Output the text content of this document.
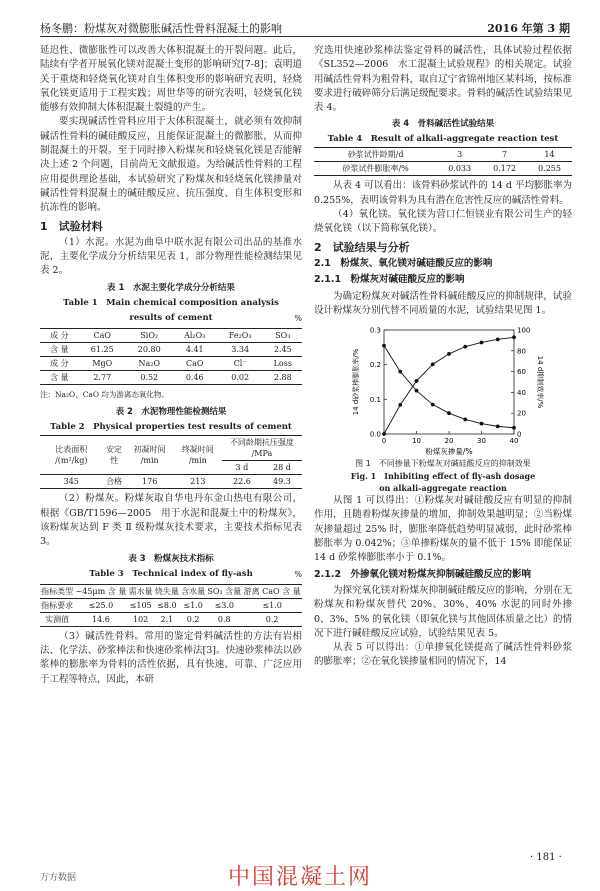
杨冬鹏：粉煤灰对微膨胀碱活性骨料混凝土的影响	2016 年第 3 期

延迟性、微膨胀性可以改善大体积混凝土的开裂问题。此后，陆续有学者开展氧化镁对混凝土变形的影响研究[7-8]；袁明道关于重烧和轻烧氧化镁对自生体积变形的影响研究表明，轻烧氧化镁更适用于工程实践；周世华等的研究表明，轻烧氧化镁能够有效抑制大体积混凝土裂缝的产生。

要实现碱活性骨料应用于大体积混凝土，就必须有效抑制碱活性骨料的碱硅酸反应，且能保证混凝土的微膨胀，从而抑制混凝土的开裂。至于同时掺入粉煤灰和轻烧氧化镁是否能解决上述 2 个问题，目前尚无文献报道。为给碱活性骨料的工程应用提供理论基础，本试验研究了粉煤灰和轻烧氧化镁掺量对碱活性骨料混凝土的碱硅酸反应、抗压强度、自生体积变形和抗冻性的影响。

1　试验材料

（1）水泥。水泥为曲阜中联水泥有限公司出品的基准水泥，主要化学成分分析结果见表 1，部分物理性能检测结果见表 2。

表 1　水泥主要化学成分分析结果
Table 1　Main chemical composition analysis
results of cement	%
成 分	CaO	SiO₂	Al₂O₃	Fe₂O₃	SO₃
含 量	61.25	20.80	4.41	3.34	2.45
成 分	MgO	Na₂O	CaO	Cl⁻	Loss
含 量	2.77	0.52	0.46	0.02	2.88
注：Na₂O、CaO 均为游离态氧化物。
表 2　水泥物理性能检测结果
Table 2　Physical properties test results of cement
比表面积 /(m²/kg)	安定性	初凝时间 /min	终凝时间 /min	不同龄期抗压强度 /MPa	
				3 d	28 d
345	合格	176	213	22.6	49.3

（2）粉煤灰。粉煤灰取自华电丹东金山热电有限公司，根据《GB/T1596—2005　用于水泥和混凝土中的粉煤灰》，该粉煤灰达到 F 类 Ⅱ 级粉煤灰技术要求，主要技术指标见表 3。

表 3　粉煤灰技术指标
Table 3　Technical index of fly-ash	%
指标类型	~45μm 含 量	需水量	烧失量	含水量	SO₃ 含量	游离 CaO 含 量
指标要求	≤25.0	≤105	≤8.0	≤1.0	≤3.0	≤1.0
实测值	14.6	102	2.1	0.2	0.8	0.2

（3）碱活性骨料。常用的鉴定骨料碱活性的方法有岩相法、化学法、砂浆棒法和快速砂浆棒法[3]。快速砂浆棒法以砂浆棒的膨胀率为骨料的活性依据，具有快速、可靠、广泛应用于工程等特点，因此，本研

究选用快速砂浆棒法鉴定骨料的碱活性，具体试验过程依据《SL352—2006　水工混凝土试验规程》的相关规定。试验用碱活性骨料为粗骨料，取自辽宁省锦州地区某料场，按标准要求进行破碎筛分后满足级配要求。骨料的碱活性试验结果见表 4。

表 4　骨料碱活性试验结果
Table 4　Result of alkali-aggregate reaction test
砂浆试件龄期/d	3	7	14
砂浆试件膨胀率/%	0.033	0.172	0.255

从表 4 可以看出：该骨料砂浆试件的 14 d 平均膨胀率为 0.255%，表明该骨料为具有潜在危害性反应的碱活性骨料。

（4）氧化镁。氧化镁为营口仁恒镁业有限公司生产的轻烧氧化镁（以下简称氧化镁）。

2　试验结果与分析
2.1　粉煤灰、氧化镁对碱硅酸反应的影响
2.1.1　粉煤灰对碱硅酸反应的影响

为确定粉煤灰对碱活性骨料碱硅酸反应的抑制规律，试验设计粉煤灰分别代替不同质量的水泥，试验结果见图 1。

0	10	20	30	40
0.0
0.1
0.2
0.3
0
20
40
60
80
100
粉煤灰掺量/%
14 d砂浆棒膨胀率/%	14 d抑制效率/%
图 1　不同掺量下粉煤灰对碱硅酸反应的抑制效果
Fig. 1　Inhibiting effect of fly-ash dosage
on alkali-aggregate reaction

从图 1 可以得出：①粉煤灰对碱硅酸反应有明显的抑制作用，且随着粉煤灰掺量的增加，抑制效果越明显；②当粉煤灰掺量超过 25% 时，膨胀率降低趋势明显减弱，此时砂浆棒膨胀率为 0.042%；③单掺粉煤灰的量不低于 15% 即能保证 14 d 砂浆棒膨胀率小于 0.1%。

2.1.2　外掺氧化镁对粉煤灰抑制碱硅酸反应的影响

为探究氧化镁对粉煤灰抑制碱硅酸反应的影响，分别在无粉煤灰和粉煤灰替代 20%、30%、40% 水泥的同时外掺 0、3%、5% 的氧化镁（即氧化镁与其他固体质量之比）的情况下进行碱硅酸反应试验，试验结果见表 5。

从表 5 可以得出：①单掺氧化镁提高了碱活性骨料砂浆的膨胀率；②在氧化镁掺量相同的情况下，14

· 181 ·
中国混凝土网
万方数据
